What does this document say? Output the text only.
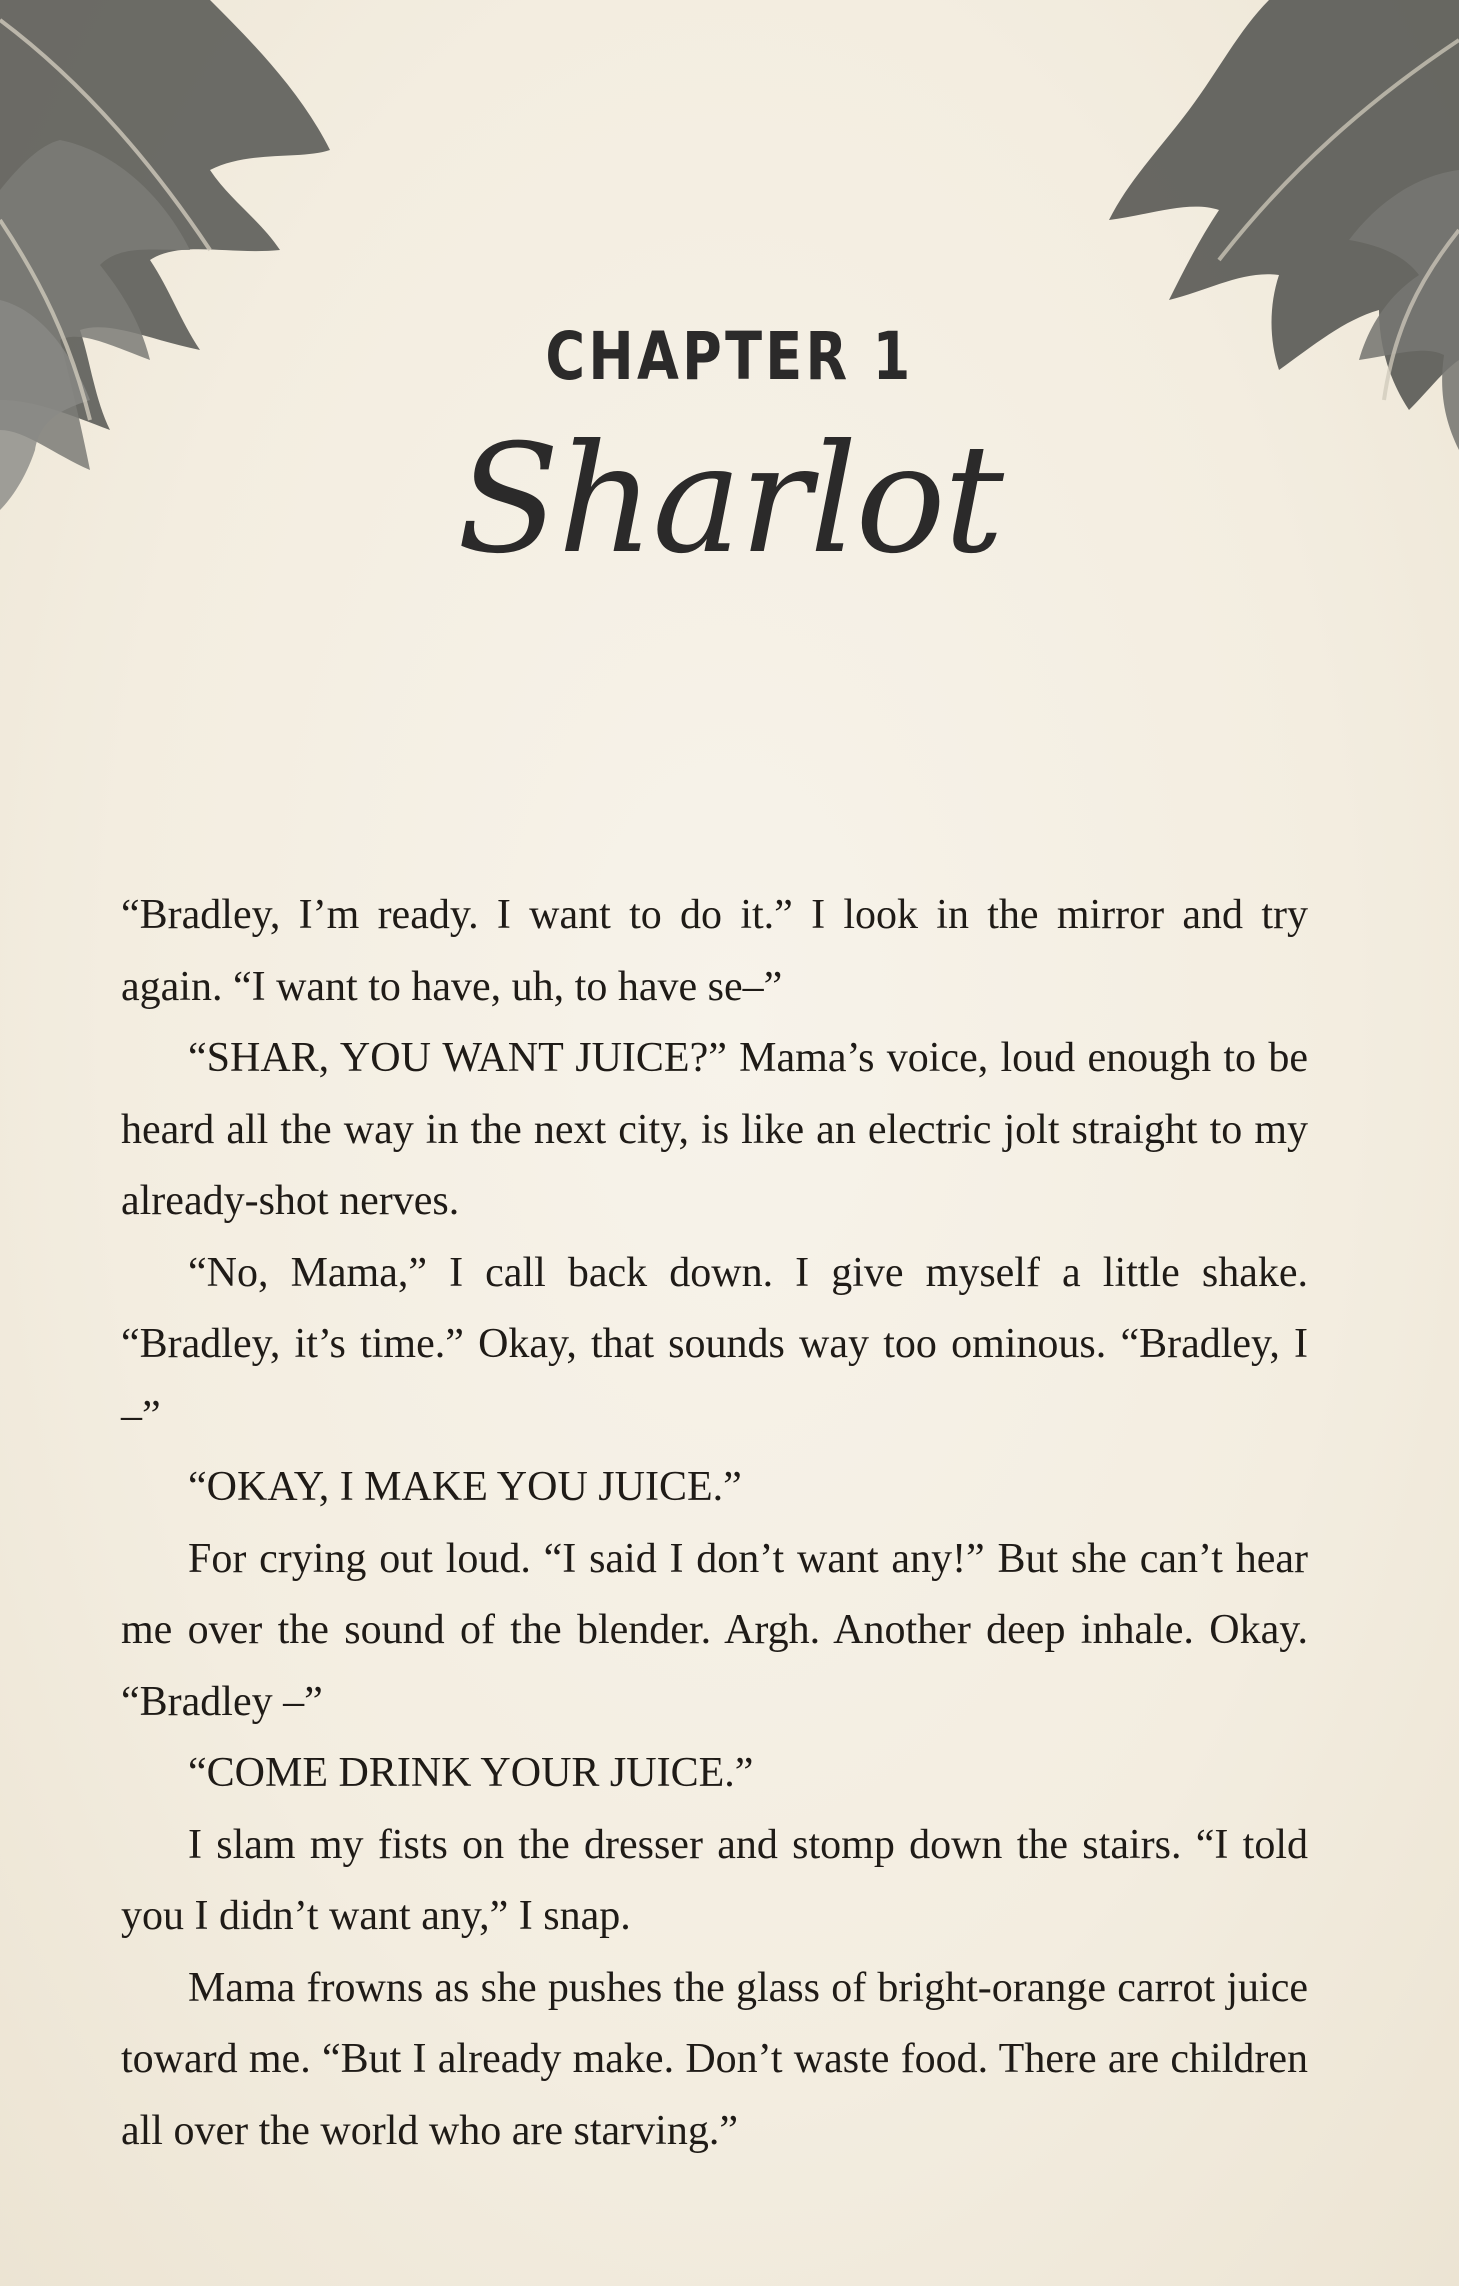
CHAPTER 1
Sharlot

“Bradley, I’m ready. I want to do it.” I look in the mirror and try again. “I want to have, uh, to have se–”

“SHAR, YOU WANT JUICE?” Mama’s voice, loud enough to be heard all the way in the next city, is like an electric jolt straight to my already-shot nerves.

“No, Mama,” I call back down. I give myself a little shake. “Bradley, it’s time.” Okay, that sounds way too ominous. “Bradley, I –”

“OKAY, I MAKE YOU JUICE.”

For crying out loud. “I said I don’t want any!” But she can’t hear me over the sound of the blender. Argh. Another deep inhale. Okay. “Bradley –”

“COME DRINK YOUR JUICE.”

I slam my fists on the dresser and stomp down the stairs. “I told you I didn’t want any,” I snap.

Mama frowns as she pushes the glass of bright-orange carrot juice toward me. “But I already make. Don’t waste food. There are children all over the world who are starving.”
